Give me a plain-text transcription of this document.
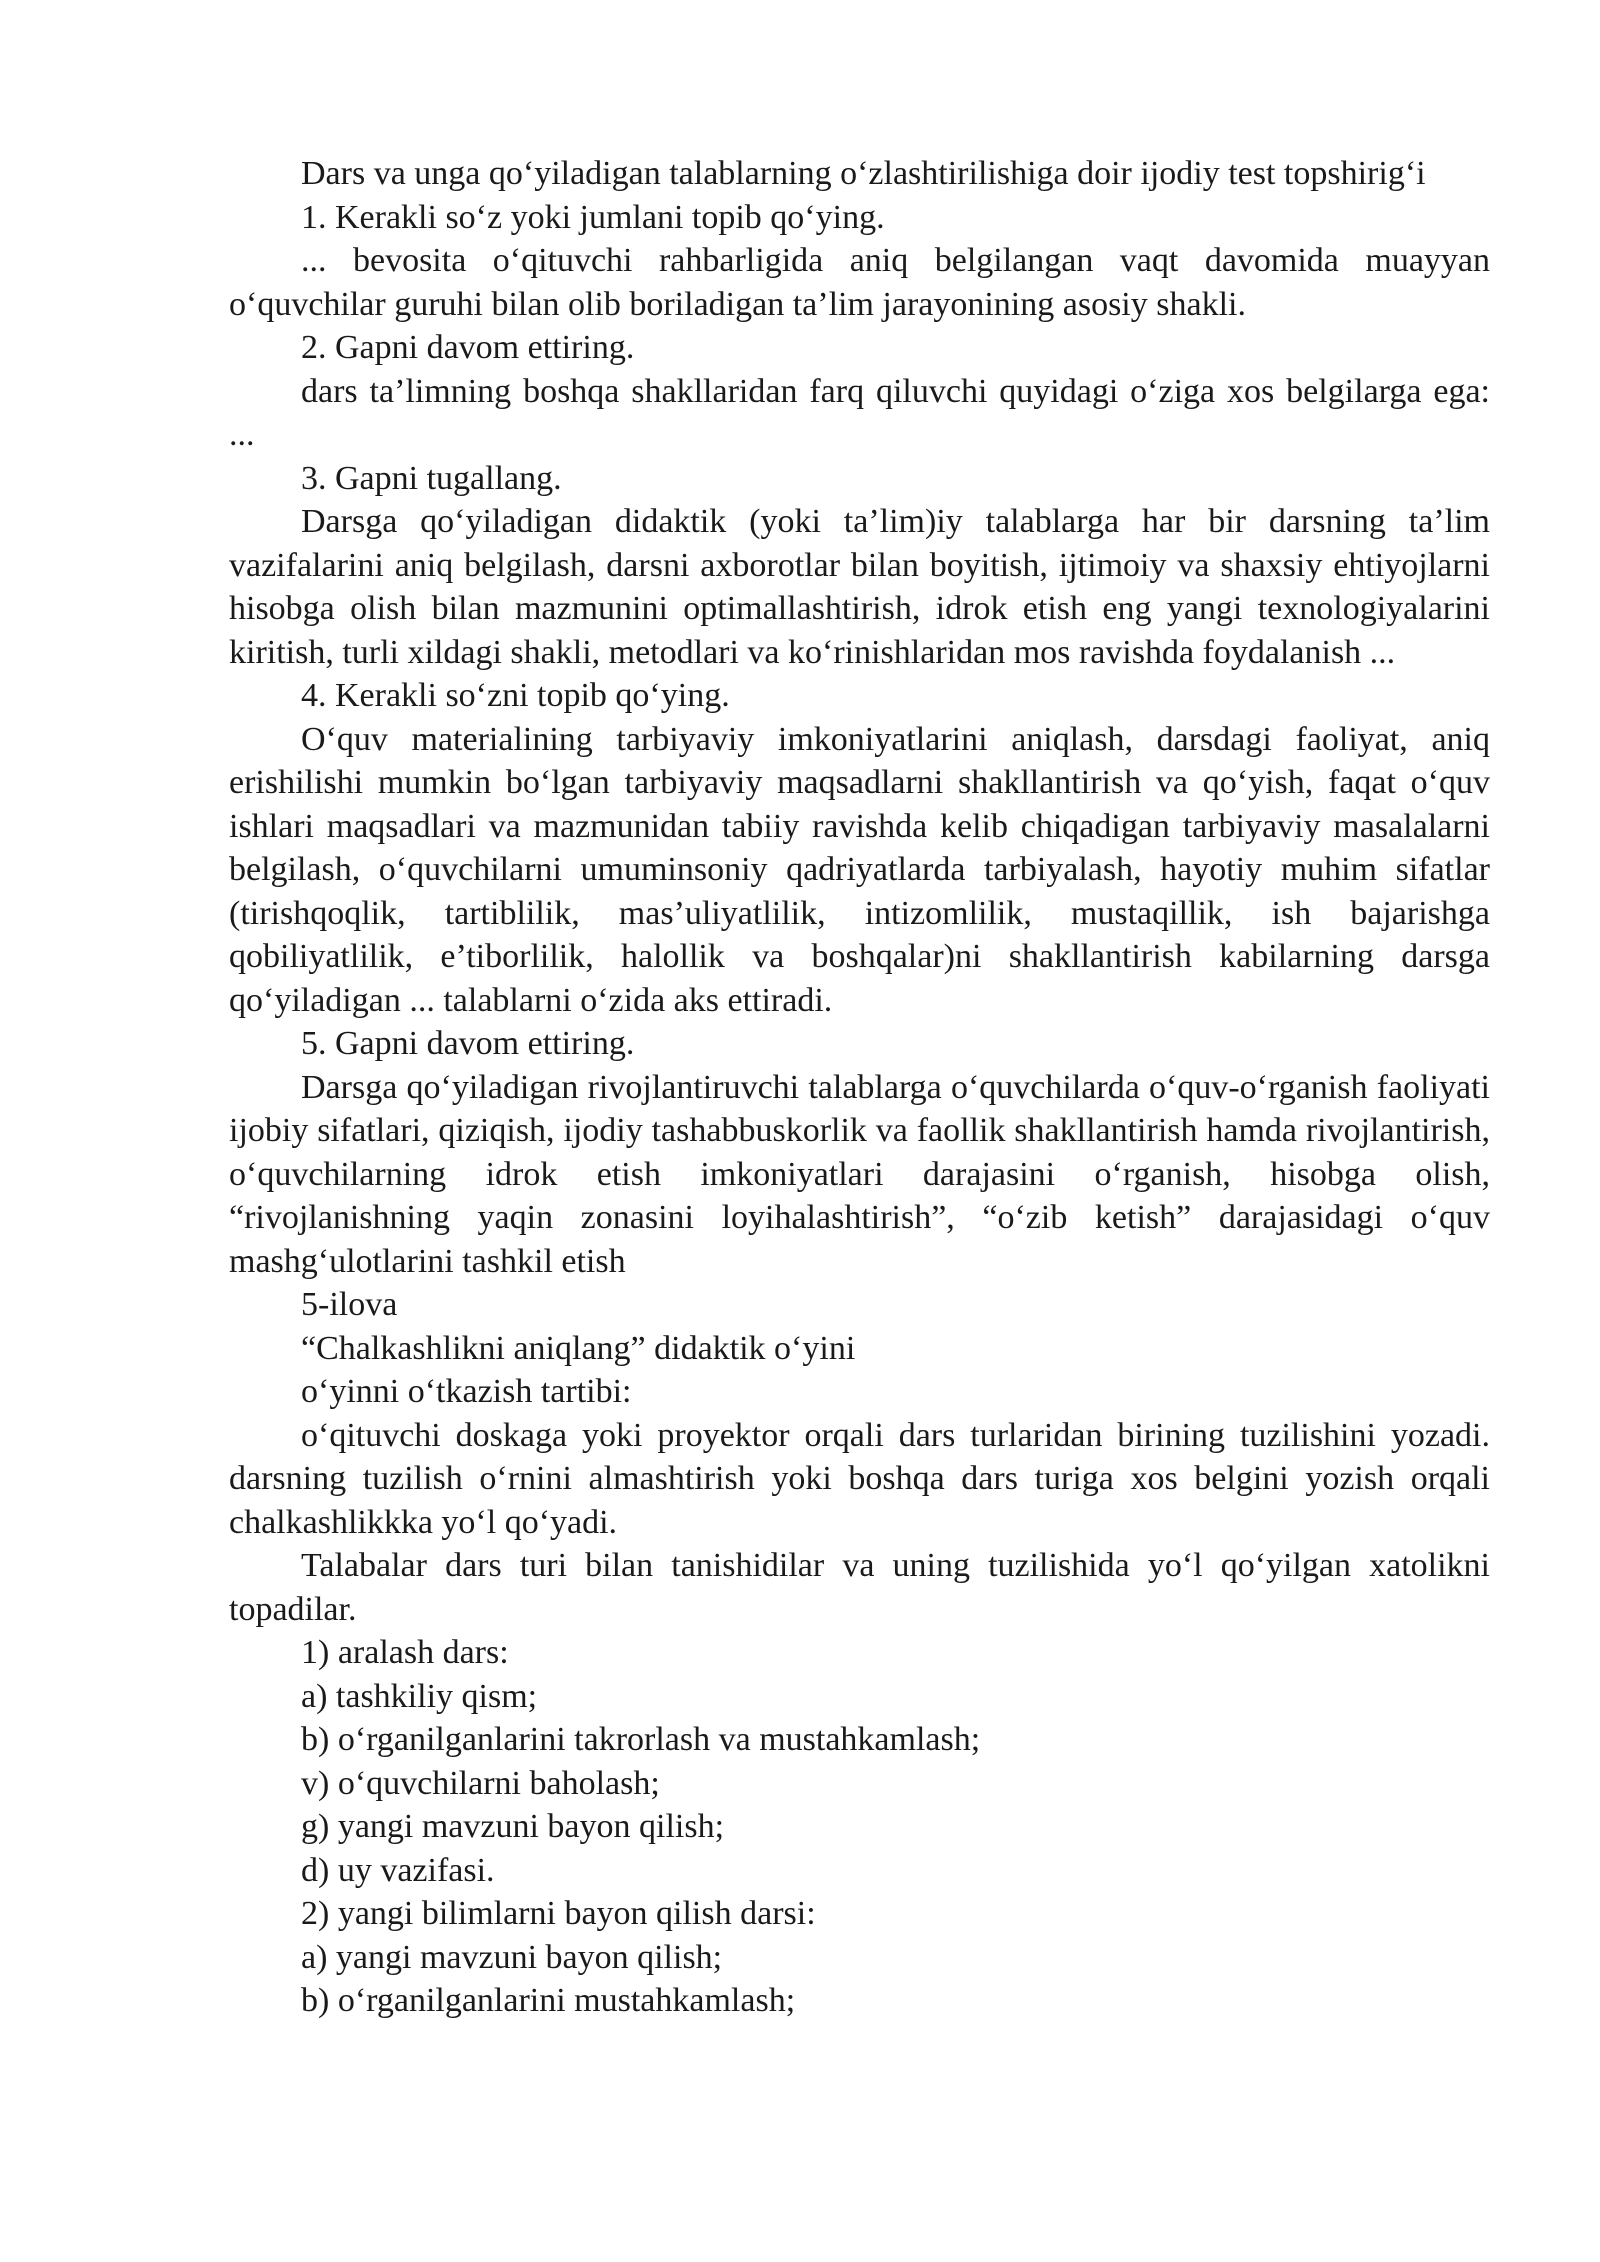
Dars va unga qo‘yiladigan talablarning o‘zlashtirilishiga doir ijodiy test topshirig‘i

1. Kerakli so‘z yoki jumlani topib qo‘ying.

... bevosita o‘qituvchi rahbarligida aniq belgilangan vaqt davomida muayyan o‘quvchilar guruhi bilan olib boriladigan ta’lim jarayonining asosiy shakli.

2. Gapni davom ettiring.

dars ta’limning boshqa shakllaridan farq qiluvchi quyidagi o‘ziga xos belgilarga ega: ...

3. Gapni tugallang.

Darsga qo‘yiladigan didaktik (yoki ta’lim)iy talablarga har bir darsning ta’lim vazifalarini aniq belgilash, darsni axborotlar bilan boyitish, ijtimoiy va shaxsiy ehtiyojlarni hisobga olish bilan mazmunini optimallashtirish, idrok etish eng yangi texnologiyalarini kiritish, turli xildagi shakli, metodlari va ko‘rinishlaridan mos ravishda foydalanish ...

4. Kerakli so‘zni topib qo‘ying.

O‘quv materialining tarbiyaviy imkoniyatlarini aniqlash, darsdagi faoliyat, aniq erishilishi mumkin bo‘lgan tarbiyaviy maqsadlarni shakllantirish va qo‘yish, faqat o‘quv ishlari maqsadlari va mazmunidan tabiiy ravishda kelib chiqadigan tarbiyaviy masalalarni belgilash, o‘quvchilarni umuminsoniy qadriyatlarda tarbiyalash, hayotiy muhim sifatlar (tirishqoqlik, tartiblilik, mas’uliyatlilik, intizomlilik, mustaqillik, ish bajarishga qobiliyatlilik, e’tiborlilik, halollik va boshqalar)ni shakllantirish kabilarning darsga qo‘yiladigan ... talablarni o‘zida aks ettiradi.

5. Gapni davom ettiring.

Darsga qo‘yiladigan rivojlantiruvchi talablarga o‘quvchilarda o‘quv-o‘rganish faoliyati ijobiy sifatlari, qiziqish, ijodiy tashabbuskorlik va faollik shakllantirish hamda rivojlantirish, o‘quvchilarning idrok etish imkoniyatlari darajasini o‘rganish, hisobga olish, “rivojlanishning yaqin zonasini loyihalashtirish”, “o‘zib ketish” darajasidagi o‘quv mashg‘ulotlarini tashkil etish

5-ilova

“Chalkashlikni aniqlang” didaktik o‘yini

o‘yinni o‘tkazish tartibi:

o‘qituvchi doskaga yoki proyektor orqali dars turlaridan birining tuzilishini yozadi. darsning tuzilish o‘rnini almashtirish yoki boshqa dars turiga xos belgini yozish orqali chalkashlikkka yo‘l qo‘yadi.

Talabalar dars turi bilan tanishidilar va uning tuzilishida yo‘l qo‘yilgan xatolikni topadilar.

1) aralash dars:

a) tashkiliy qism;

b) o‘rganilganlarini takrorlash va mustahkamlash;

v) o‘quvchilarni baholash;

g) yangi mavzuni bayon qilish;

d) uy vazifasi.

2) yangi bilimlarni bayon qilish darsi:

a) yangi mavzuni bayon qilish;

b) o‘rganilganlarini mustahkamlash;
